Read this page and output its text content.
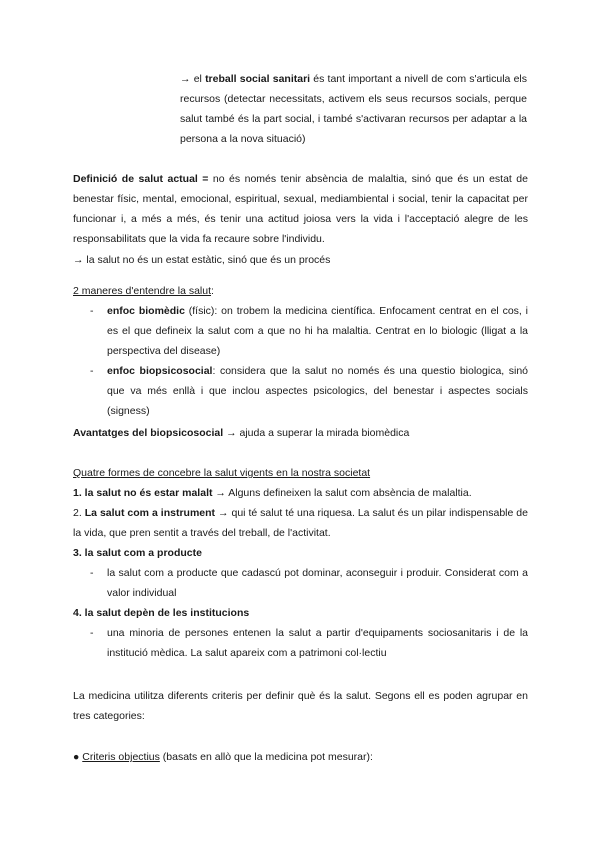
→ el treball social sanitari és tant important a nivell de com s'articula els recursos (detectar necessitats, activem els seus recursos socials, perque salut també és la part social, i també s'activaran recursos per adaptar a la persona a la nova situació)
Definició de salut actual = no és només tenir absència de malaltia, sinó que és un estat de benestar físic, mental, emocional, espiritual, sexual, mediambiental i social, tenir la capacitat per funcionar i, a més a més, és tenir una actitud joiosa vers la vida i l'acceptació alegre de les responsabilitats que la vida fa recaure sobre l'individu.
→ la salut no és un estat estàtic, sinó que és un procés

2 maneres d'entendre la salut:

- enfoc biomèdic (físic): on trobem la medicina científica. Enfocament centrat en el cos, i es el que defineix la salut com a que no hi ha malaltia. Centrat en lo biologic (lligat a la perspectiva del disease)
- enfoc biopsicosocial: considera que la salut no només és una questio biologica, sinó que va més enllà i que inclou aspectes psicologics, del benestar i aspectes socials (signess)
Avantatges del biopsicosocial → ajuda a superar la mirada biomèdica

Quatre formes de concebre la salut vigents en la nostra societat

1. la salut no és estar malalt → Alguns defineixen la salut com absència de malaltia.

2. La salut com a instrument → qui té salut té una riquesa. La salut és un pilar indispensable de la vida, que pren sentit a través del treball, de l'activitat.

3. la salut com a producte

- la salut com a producte que cadascú pot dominar, aconseguir i produir. Considerat com a valor individual

4. la salut depèn de les institucions

- una minoria de persones entenen la salut a partir d'equipaments sociosanitaris i de la institució mèdica. La salut apareix com a patrimoni col·lectiu
La medicina utilitza diferents criteris per definir què és la salut. Segons ell es poden agrupar en tres categories:
● Criteris objectius (basats en allò que la medicina pot mesurar):
